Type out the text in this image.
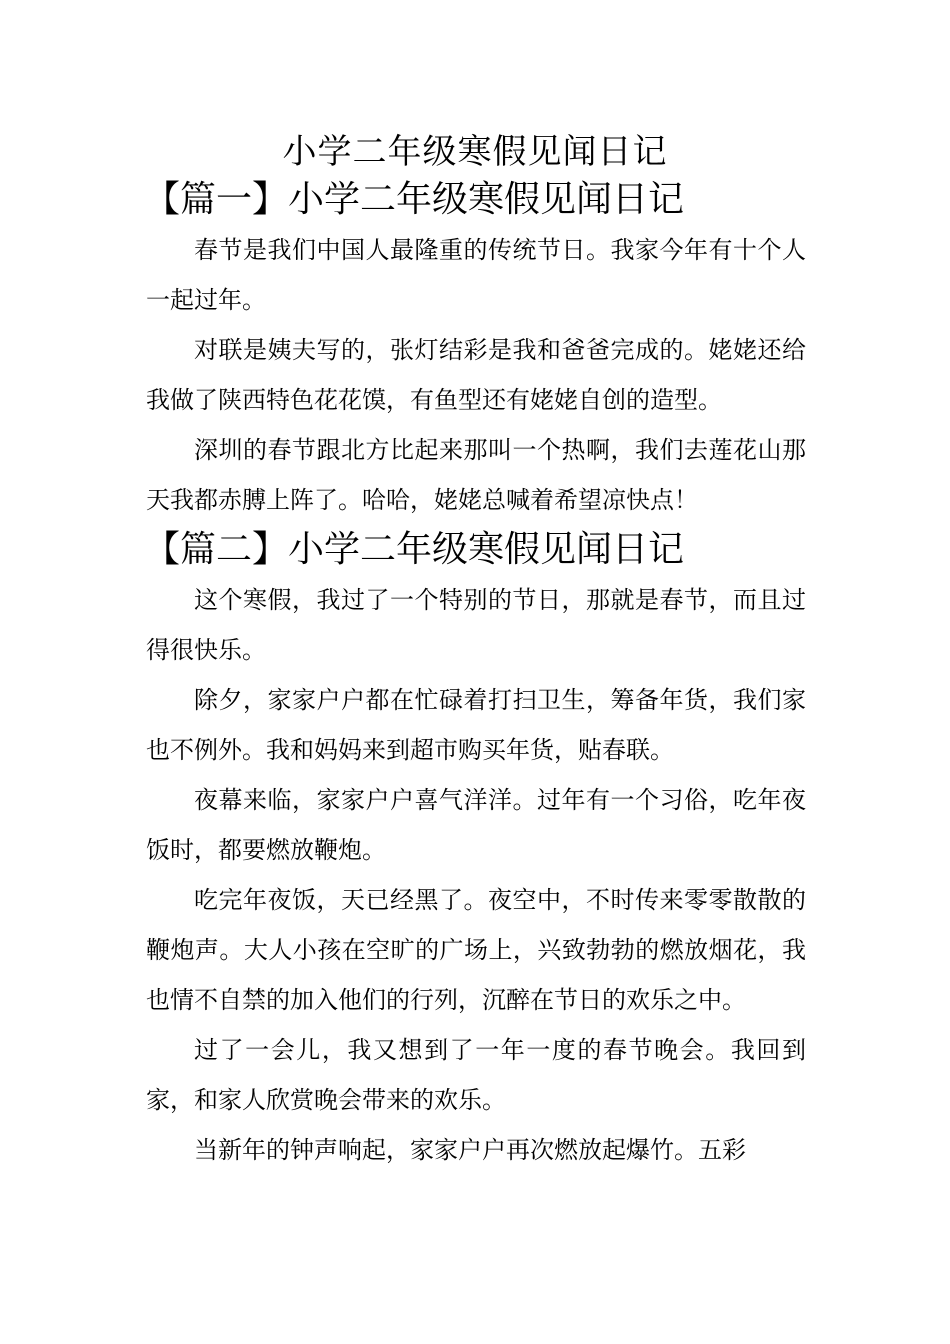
小学二年级寒假见闻日记
【篇一】小学二年级寒假见闻日记

春节是我们中国人最隆重的传统节日。我家今年有十个人一起过年。

对联是姨夫写的，张灯结彩是我和爸爸完成的。姥姥还给我做了陕西特色花花馍，有鱼型还有姥姥自创的造型。

深圳的春节跟北方比起来那叫一个热啊，我们去莲花山那天我都赤膊上阵了。哈哈，姥姥总喊着希望凉快点！

【篇二】小学二年级寒假见闻日记

这个寒假，我过了一个特别的节日，那就是春节，而且过得很快乐。

除夕，家家户户都在忙碌着打扫卫生，筹备年货，我们家也不例外。我和妈妈来到超市购买年货，贴春联。

夜幕来临，家家户户喜气洋洋。过年有一个习俗，吃年夜饭时，都要燃放鞭炮。

吃完年夜饭，天已经黑了。夜空中，不时传来零零散散的鞭炮声。大人小孩在空旷的广场上，兴致勃勃的燃放烟花，我也情不自禁的加入他们的行列，沉醉在节日的欢乐之中。

过了一会儿，我又想到了一年一度的春节晚会。我回到家，和家人欣赏晚会带来的欢乐。

当新年的钟声响起，家家户户再次燃放起爆竹。五彩
